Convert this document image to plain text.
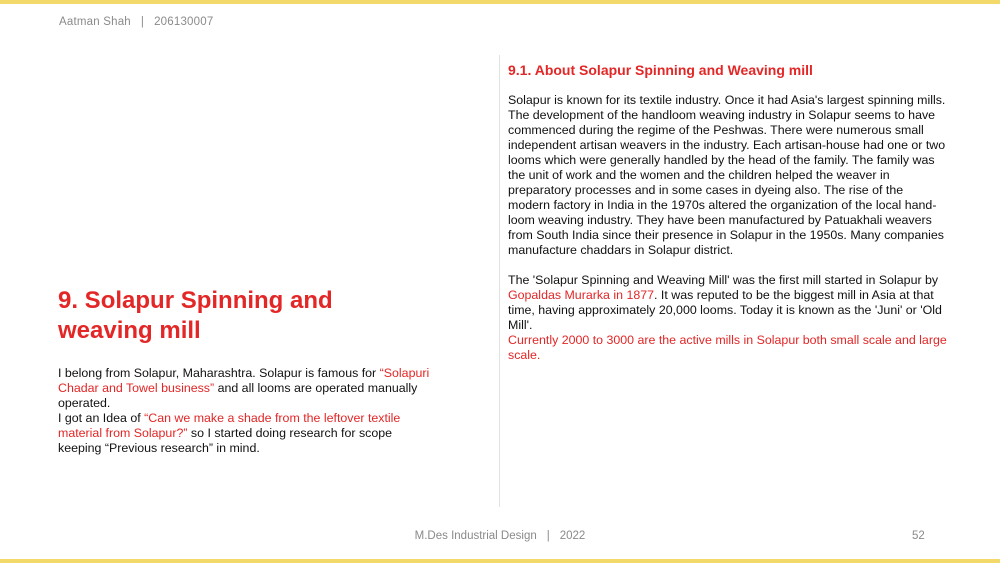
Aatman Shah | 206130007
9. Solapur Spinning and weaving mill
I belong from Solapur, Maharashtra. Solapur is famous for “Solapuri Chadar and Towel business” and all looms are operated manually operated.
I got an Idea of “Can we make a shade from the leftover textile material from Solapur?” so I started doing research for scope keeping “Previous research” in mind.
9.1. About Solapur Spinning and Weaving mill

Solapur is known for its textile industry. Once it had Asia's largest spinning mills. The development of the handloom weaving industry in Solapur seems to have commenced during the regime of the Peshwas. There were numerous small independent artisan weavers in the industry. Each artisan-house had one or two looms which were generally handled by the head of the family. The family was the unit of work and the women and the children helped the weaver in preparatory processes and in some cases in dyeing also. The rise of the modern factory in India in the 1970s altered the organization of the local hand-loom weaving industry. They have been manufactured by Patuakhali weavers from South India since their presence in Solapur in the 1950s. Many companies manufacture chaddars in Solapur district.

The 'Solapur Spinning and Weaving Mill' was the first mill started in Solapur by Gopaldas Murarka in 1877. It was reputed to be the biggest mill in Asia at that time, having approximately 20,000 looms. Today it is known as the 'Juni' or 'Old Mill'.
Currently 2000 to 3000 are the active mills in Solapur both small scale and large scale.
M.Des Industrial Design | 2022	52
